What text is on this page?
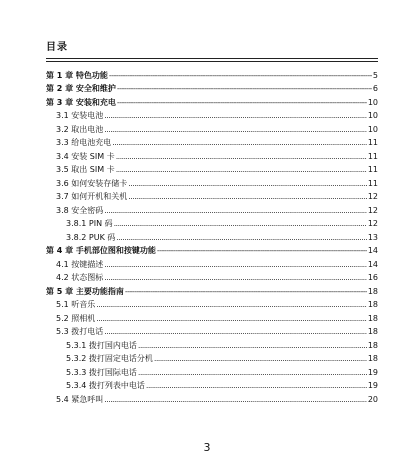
目录
第 1 章 特色功能 -----	5
第 2 章 安全和维护 -----	6
第 3 章 安装和充电 -----	10
3.1 安装电池 .....	10
3.2 取出电池 .....	10
3.3 给电池充电 .....	11
3.4 安装 SIM 卡 .....	11
3.5 取出 SIM 卡 .....	11
3.6 如何安装存储卡 .....	11
3.7 如何开机和关机 .....	12
3.8 安全密码 .....	12
3.8.1 PIN 码 .....	12
3.8.2 PUK 码 .....	13
第 4 章 手机部位图和按键功能 -----	14
4.1 按键描述 .....	14
4.2 状态图标 .....	16
第 5 章 主要功能指南 -----	18
5.1 听音乐 .....	18
5.2 照相机 .....	18
5.3 拨打电话 .....	18
5.3.1 拨打国内电话 .....	18
5.3.2 拨打固定电话分机 .....	18
5.3.3 拨打国际电话 .....	19
5.3.4 拨打列表中电话 .....	19
5.4 紧急呼叫 .....	20
3
